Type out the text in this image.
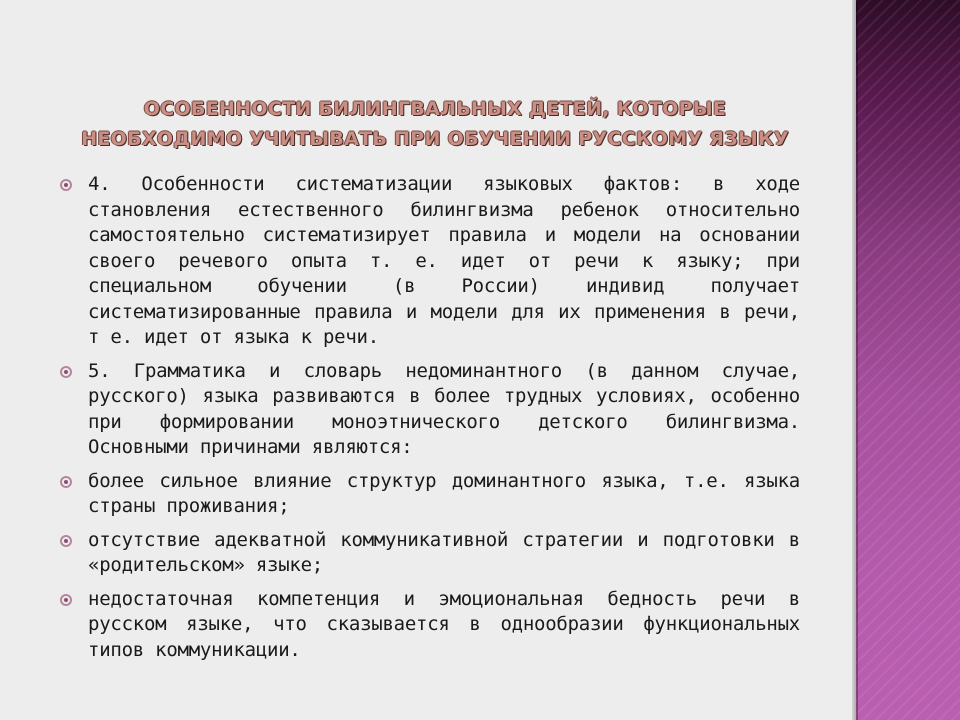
ОСОБЕННОСТИ БИЛИНГВАЛЬНЫХ ДЕТЕЙ, КОТОРЫЕ
НЕОБХОДИМО УЧИТЫВАТЬ ПРИ ОБУЧЕНИИ РУССКОМУ ЯЗЫКУ
4. Особенности систематизации языковых фактов: в ходе становления естественного билингвизма ребенок относительно самостоятельно систематизирует правила и модели на основании своего речевого опыта т. е. идет от речи к языку; при специальном обучении (в России) индивид получает систематизированные правила и модели для их применения в речи, т е. идет от языка к речи.
5. Грамматика и словарь недоминантного (в данном случае, русского) языка развиваются в более трудных условиях, особенно при формировании моноэтнического детского билингвизма. Основными причинами являются:
более сильное влияние структур доминантного языка, т.е. языка страны проживания;
отсутствие адекватной коммуникативной стратегии и подготовки в «родительском» языке;
недостаточная компетенция и эмоциональная бедность речи в русском языке, что сказывается в однообразии функциональных типов коммуникации.
